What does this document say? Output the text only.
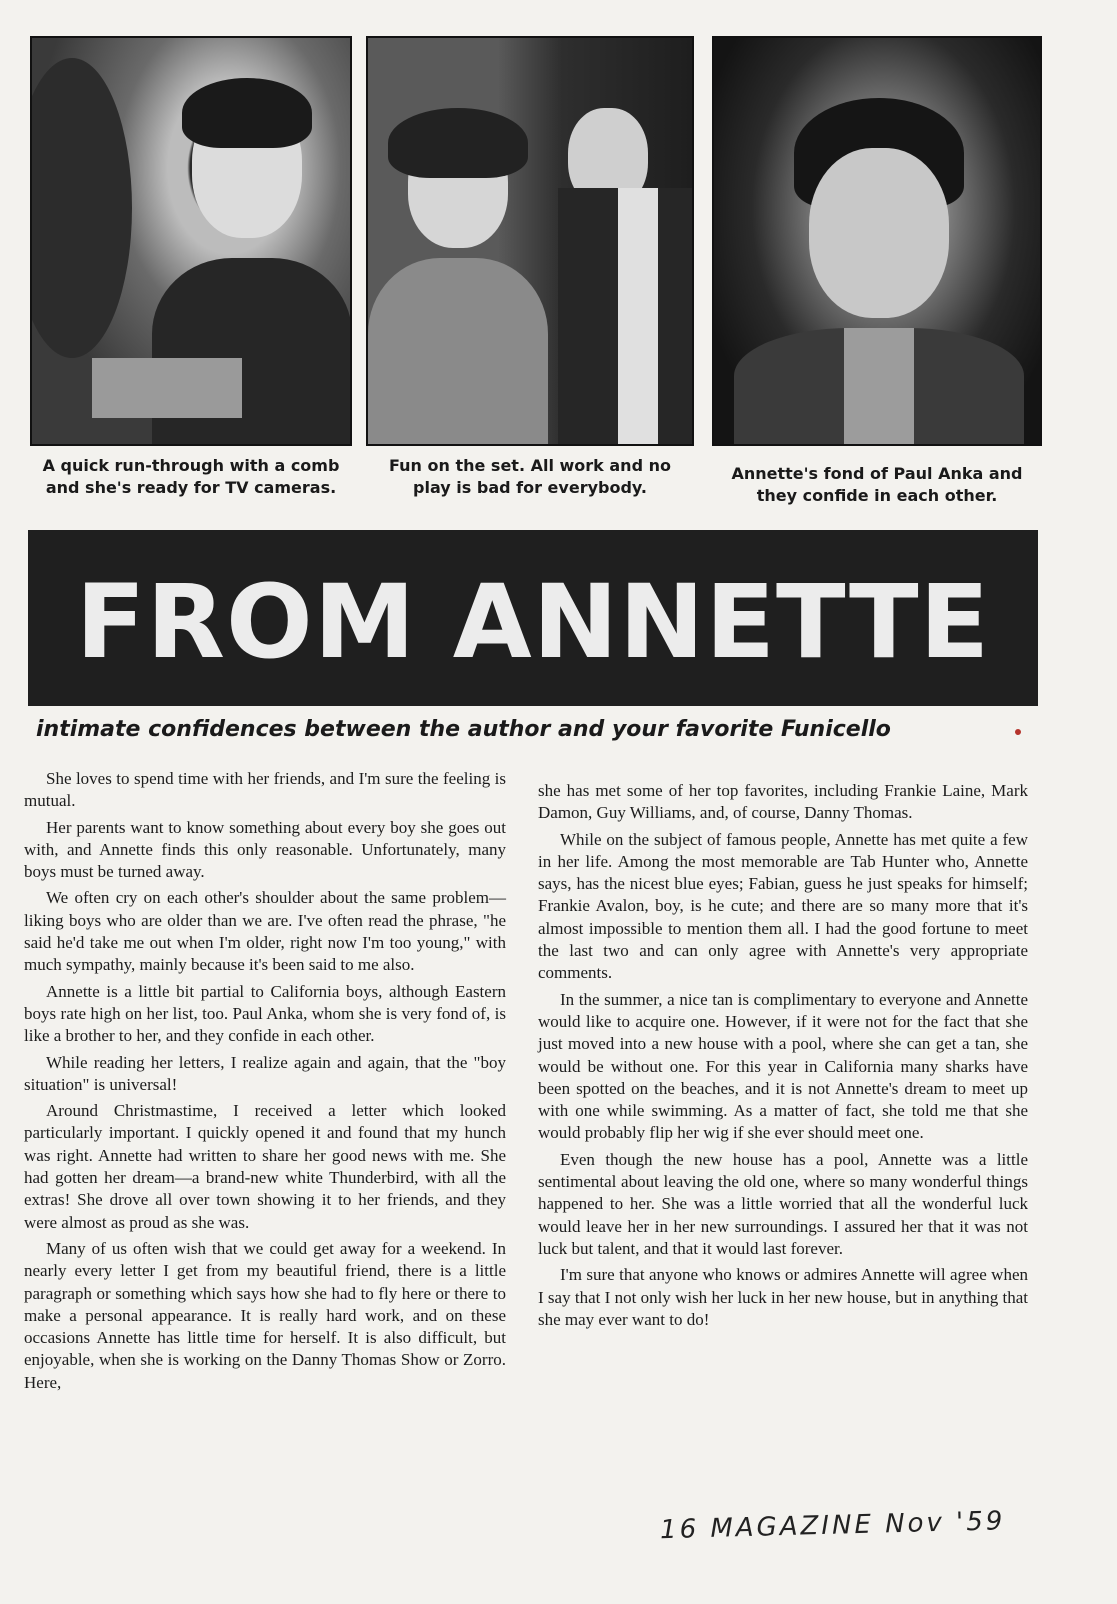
A quick run-through with a comb
and she's ready for TV cameras.
Fun on the set. All work and no
play is bad for everybody.
Annette's fond of Paul Anka and
they confide in each other.
FROM ANNETTE
intimate confidences between the author and your favorite Funicello

She loves to spend time with her friends, and I'm sure the feeling is mutual.

Her parents want to know something about every boy she goes out with, and Annette finds this only reasonable. Unfortunately, many boys must be turned away.

We often cry on each other's shoulder about the same problem—liking boys who are older than we are. I've often read the phrase, "he said he'd take me out when I'm older, right now I'm too young," with much sympathy, mainly because it's been said to me also.

Annette is a little bit partial to California boys, although Eastern boys rate high on her list, too. Paul Anka, whom she is very fond of, is like a brother to her, and they confide in each other.

While reading her letters, I realize again and again, that the "boy situation" is universal!

Around Christmastime, I received a letter which looked particularly important. I quickly opened it and found that my hunch was right. Annette had written to share her good news with me. She had gotten her dream—a brand-new white Thunderbird, with all the extras! She drove all over town showing it to her friends, and they were almost as proud as she was.

Many of us often wish that we could get away for a weekend. In nearly every letter I get from my beautiful friend, there is a little paragraph or something which says how she had to fly here or there to make a personal appearance. It is really hard work, and on these occasions Annette has little time for herself. It is also difficult, but enjoyable, when she is working on the Danny Thomas Show or Zorro. Here,

she has met some of her top favorites, including Frankie Laine, Mark Damon, Guy Williams, and, of course, Danny Thomas.

While on the subject of famous people, Annette has met quite a few in her life. Among the most memorable are Tab Hunter who, Annette says, has the nicest blue eyes; Fabian, guess he just speaks for himself; Frankie Avalon, boy, is he cute; and there are so many more that it's almost impossible to mention them all. I had the good fortune to meet the last two and can only agree with Annette's very appropriate comments.

In the summer, a nice tan is complimentary to everyone and Annette would like to acquire one. However, if it were not for the fact that she just moved into a new house with a pool, where she can get a tan, she would be without one. For this year in California many sharks have been spotted on the beaches, and it is not Annette's dream to meet up with one while swimming. As a matter of fact, she told me that she would probably flip her wig if she ever should meet one.

Even though the new house has a pool, Annette was a little sentimental about leaving the old one, where so many wonderful things happened to her. She was a little worried that all the wonderful luck would leave her in her new surroundings. I assured her that it was not luck but talent, and that it would last forever.

I'm sure that anyone who knows or admires Annette will agree when I say that I not only wish her luck in her new house, but in anything that she may ever want to do!

16 MAGAZINE Nov '59
